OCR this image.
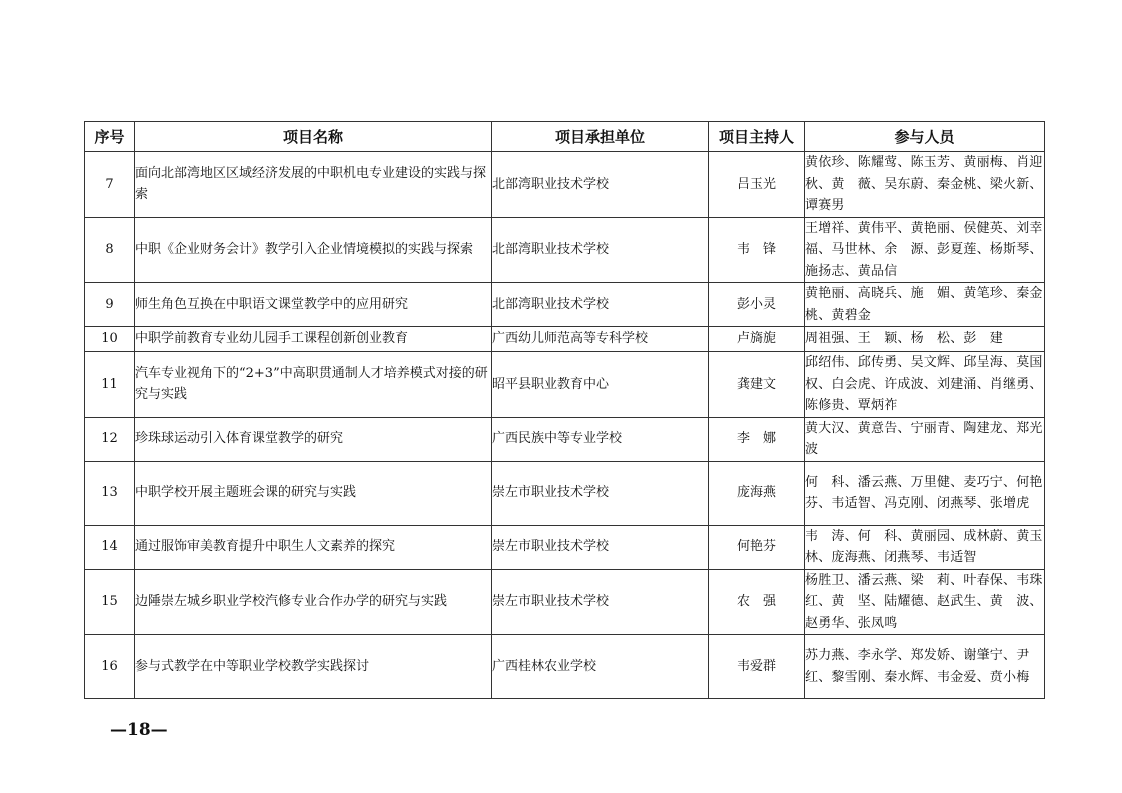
序号	项目名称	项目承担单位	项目主持人	参与人员
7	面向北部湾地区区域经济发展的中职机电专业建设的实践与探索	北部湾职业技术学校	吕玉光	黄依珍、陈耀莺、陈玉芳、黄丽梅、肖迎秋、黄　薇、吴东蔚、秦金桃、梁火新、谭赛男
8	中职《企业财务会计》教学引入企业情境模拟的实践与探索	北部湾职业技术学校	韦　锋	王增祥、黄伟平、黄艳丽、侯健英、刘幸福、马世林、余　源、彭夏莲、杨斯琴、施扬志、黄品信
9	师生角色互换在中职语文课堂教学中的应用研究	北部湾职业技术学校	彭小灵	黄艳丽、高晓兵、施　媚、黄笔珍、秦金桃、黄碧金
10	中职学前教育专业幼儿园手工课程创新创业教育	广西幼儿师范高等专科学校	卢旖旎	周祖强、王　颖、杨　松、彭　建
11	汽车专业视角下的“2+3”中高职贯通制人才培养模式对接的研究与实践	昭平县职业教育中心	龚建文	邱绍伟、邱传勇、吴文辉、邱呈海、莫国权、白会虎、许成波、刘建涌、肖继勇、陈修贵、覃炳祚
12	珍珠球运动引入体育课堂教学的研究	广西民族中等专业学校	李　娜	黄大汉、黄意告、宁丽青、陶建龙、郑光波
13	中职学校开展主题班会课的研究与实践	崇左市职业技术学校	庞海燕	何　科、潘云燕、万里健、麦巧宁、何艳芬、韦适智、冯克刚、闭燕琴、张增虎
14	通过服饰审美教育提升中职生人文素养的探究	崇左市职业技术学校	何艳芬	韦　涛、何　科、黄丽园、成林蔚、黄玉林、庞海燕、闭燕琴、韦适智
15	边陲崇左城乡职业学校汽修专业合作办学的研究与实践	崇左市职业技术学校	农　强	杨胜卫、潘云燕、梁　莉、叶春保、韦珠红、黄　坚、陆耀德、赵武生、黄　波、赵勇华、张凤鸣
16	参与式教学在中等职业学校教学实践探讨	广西桂林农业学校	韦爱群	苏力燕、李永学、郑发娇、谢肇宁、尹　红、黎雪刚、秦水辉、韦金爱、贲小梅
—18—
